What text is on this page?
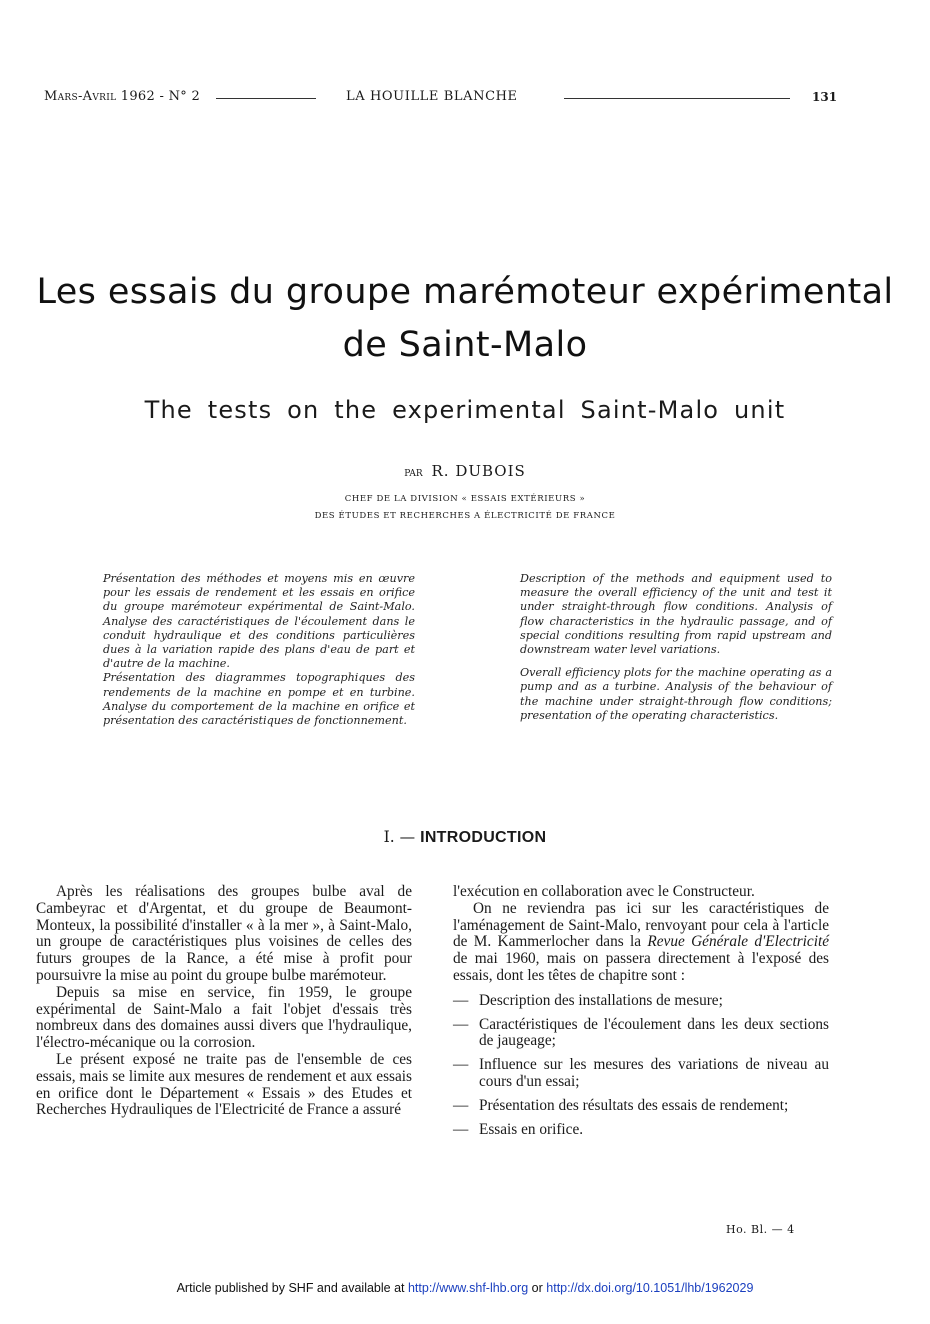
Mars-Avril 1962 - N° 2	LA HOUILLE BLANCHE	131
Les essais du groupe marémoteur expérimental
de Saint-Malo
The tests on the experimental Saint-Malo unit
par R. DUBOIS
CHEF DE LA DIVISION « ESSAIS EXTÉRIEURS »
DES ÉTUDES ET RECHERCHES A ÉLECTRICITÉ DE FRANCE

Présentation des méthodes et moyens mis en œuvre pour les essais de rendement et les essais en orifice du groupe marémoteur expérimental de Saint-Malo. Analyse des caractéristiques de l'écoulement dans le conduit hydraulique et des conditions particulières dues à la variation rapide des plans d'eau de part et d'autre de la machine.

Présentation des diagrammes topographiques des rendements de la machine en pompe et en turbine. Analyse du comportement de la machine en orifice et présentation des caractéristiques de fonctionnement.

Description of the methods and equipment used to measure the overall efficiency of the unit and test it under straight-through flow conditions. Analysis of flow characteristics in the hydraulic passage, and of special conditions resulting from rapid upstream and downstream water level variations.

Overall efficiency plots for the machine operating as a pump and as a turbine. Analysis of the behaviour of the machine under straight-through flow conditions; presentation of the operating characteristics.

I. — INTRODUCTION

Après les réalisations des groupes bulbe aval de Cambeyrac et d'Argentat, et du groupe de Beaumont-Monteux, la possibilité d'installer « à la mer », à Saint-Malo, un groupe de caractéristiques plus voisines de celles des futurs groupes de la Rance, a été mise à profit pour poursuivre la mise au point du groupe bulbe marémoteur.

Depuis sa mise en service, fin 1959, le groupe expérimental de Saint-Malo a fait l'objet d'essais très nombreux dans des domaines aussi divers que l'hydraulique, l'électro-mécanique ou la corrosion.

Le présent exposé ne traite pas de l'ensemble de ces essais, mais se limite aux mesures de rendement et aux essais en orifice dont le Département « Essais » des Etudes et Recherches Hydrauliques de l'Electricité de France a assuré

l'exécution en collaboration avec le Constructeur.

On ne reviendra pas ici sur les caractéristiques de l'aménagement de Saint-Malo, renvoyant pour cela à l'article de M. Kammerlocher dans la Revue Générale d'Electricité de mai 1960, mais on passera directement à l'exposé des essais, dont les têtes de chapitre sont :

— Description des installations de mesure;
— Caractéristiques de l'écoulement dans les deux sections de jaugeage;
— Influence sur les mesures des variations de niveau au cours d'un essai;
— Présentation des résultats des essais de rendement;
— Essais en orifice.
Ho. Bl. — 4
Article published by SHF and available at http://www.shf-lhb.org or http://dx.doi.org/10.1051/lhb/1962029
